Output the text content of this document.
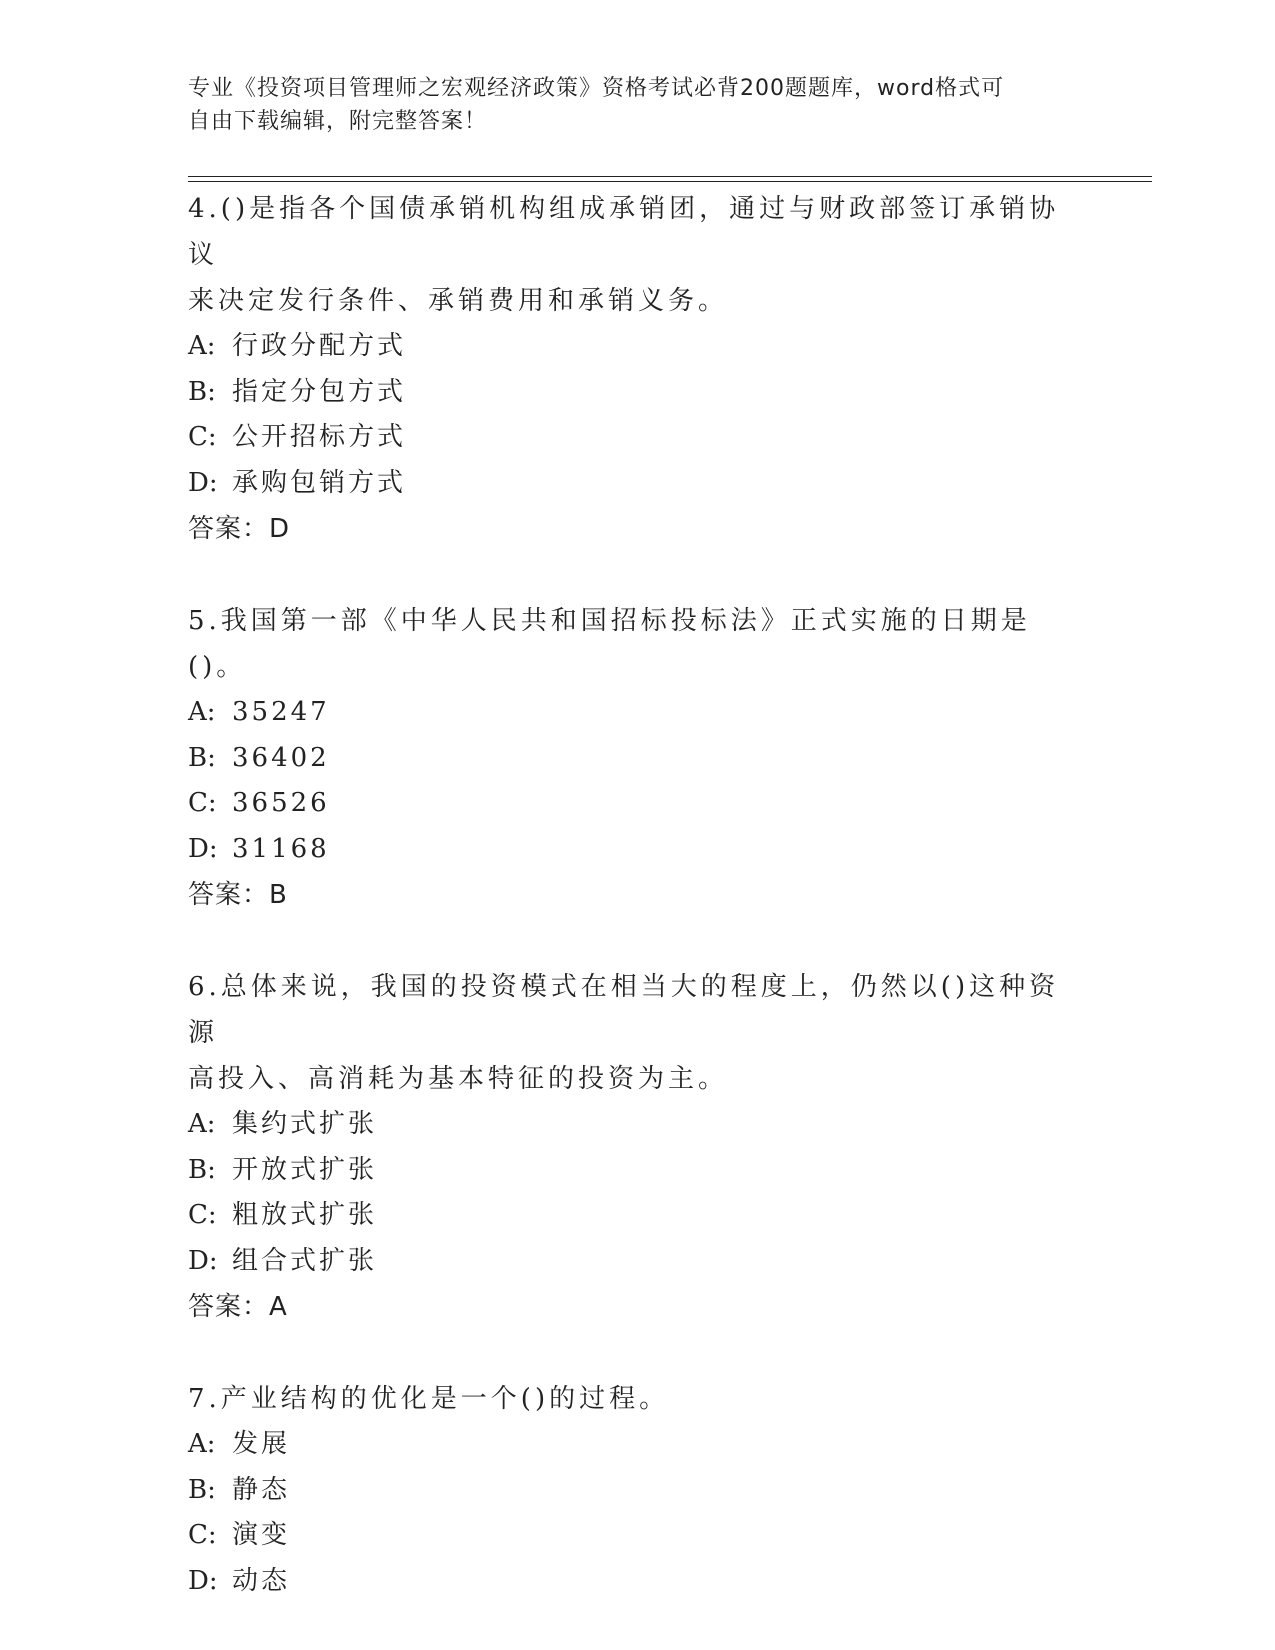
专业《投资项目管理师之宏观经济政策》资格考试必背200题题库，word格式可
自由下载编辑，附完整答案！

4.()是指各个国债承销机构组成承销团，通过与财政部签订承销协议
来决定发行条件、承销费用和承销义务。

A: 行政分配方式

B: 指定分包方式

C: 公开招标方式

D: 承购包销方式

答案：D

5.我国第一部《中华人民共和国招标投标法》正式实施的日期是()。

A: 35247

B: 36402

C: 36526

D: 31168

答案：B

6.总体来说，我国的投资模式在相当大的程度上，仍然以()这种资源
高投入、高消耗为基本特征的投资为主。

A: 集约式扩张

B: 开放式扩张

C: 粗放式扩张

D: 组合式扩张

答案：A

7.产业结构的优化是一个()的过程。

A: 发展

B: 静态

C: 演变

D: 动态
